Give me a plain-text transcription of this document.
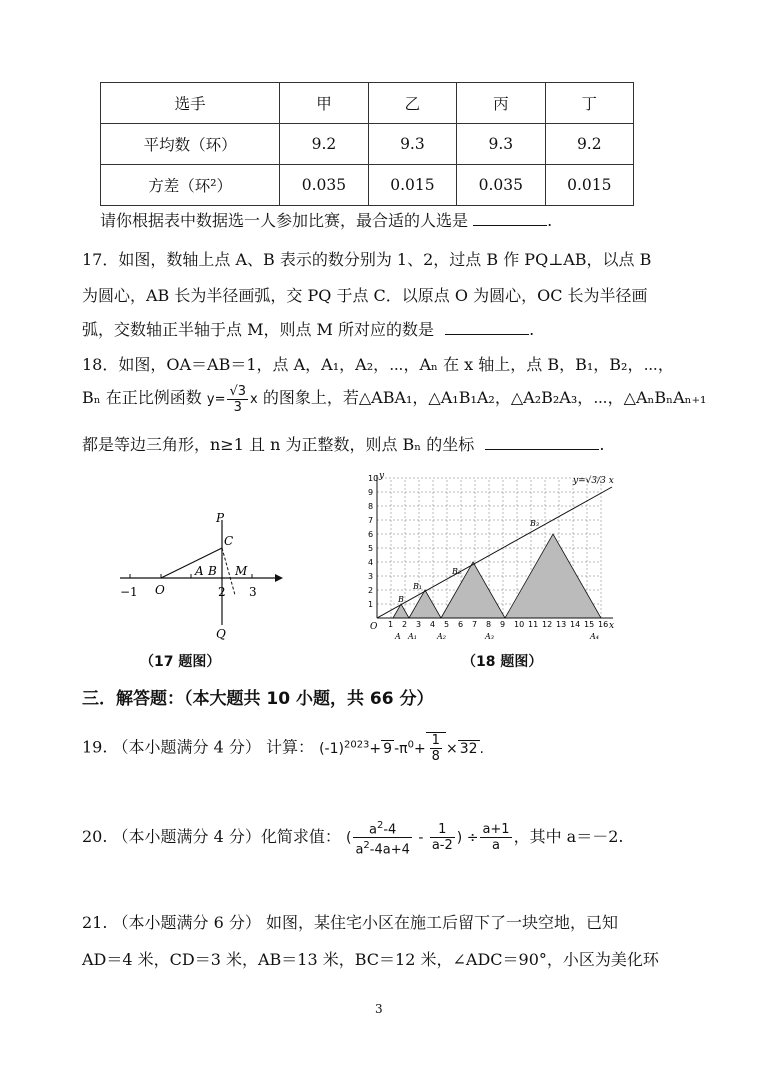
选手	甲	乙	丙	丁
平均数（环）	9.2	9.3	9.3	9.2
方差（环²）	0.035	0.015	0.035	0.015
请你根据表中数据选一人参加比赛，最合适的人选是	.
17．如图，数轴上点 A、B 表示的数分别为 1、2，过点 B 作 PQ⊥AB，以点 B
为圆心，AB 长为半径画弧，交 PQ 于点 C．以原点 O 为圆心，OC 长为半径画
弧，交数轴正半轴于点 M，则点 M 所对应的数是	.
18．如图，OA＝AB＝1，点 A，A₁，A₂，⋯，Aₙ 在 x 轴上，点 B，B₁，B₂，⋯，
Bₙ 在正比例函数 $y= \frac{√3}{3}$ x 的图象上，若△ABA₁，△A₁B₁A₂，△A₂B₂A₃，⋯，△AₙBₙAₙ₊₁
都是等边三角形，n≥1 且 n 为正整数，则点 Bₙ 的坐标	.
P
C
A B M
O
−1	2 3
Q
（17 题图）
y=√3/3 x
y
x
O
B
B₁
B₂
B₃
A A₁	A₂	A₃	A₄
1
2
3
4
5
6
7
8
9
10
1 2 3 4 5 6 7 8 9 10 11 12 13 14 15 16
（18 题图）
三．解答题：（本大题共 10 小题，共 66 分）
19. （本小题满分 4 分） 计算： $(-1)^{2023}+ 9$ $-\pi^0+ \frac{1}{8} \times 32$ .
20. （本小题满分 4 分）化简求值： ( $\frac{a^2-4}{a^2-4a+4} - \frac{1}{a-2}$ ) ÷ $\frac{a+1}{a}$ ，其中 a＝－2.
21. （本小题满分 6 分） 如图，某住宅小区在施工后留下了一块空地，已知
AD＝4 米，CD＝3 米，AB＝13 米，BC＝12 米，∠ADC＝90°，小区为美化环
3
